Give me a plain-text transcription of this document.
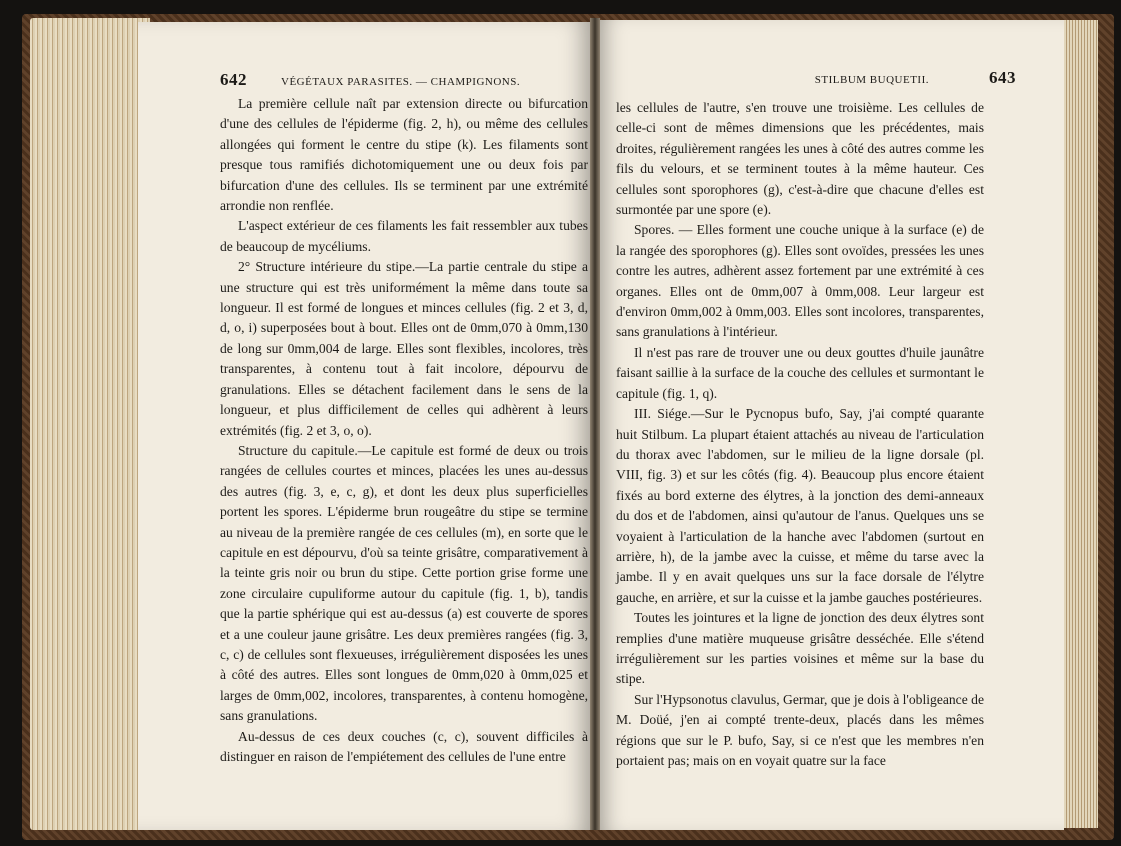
642	VÉGÉTAUX PARASITES. — CHAMPIGNONS.

La première cellule naît par extension directe ou bifurcation d'une des cellules de l'épiderme (fig. 2, h), ou même des cellules allongées qui forment le centre du stipe (k). Les filaments sont presque tous ramifiés dichotomiquement une ou deux fois par bifurcation d'une des cellules. Ils se terminent par une extrémité arrondie non renflée.

L'aspect extérieur de ces filaments les fait ressembler aux tubes de beaucoup de mycéliums.

2° Structure intérieure du stipe.—La partie centrale du stipe a une structure qui est très uniformément la même dans toute sa longueur. Il est formé de longues et minces cellules (fig. 2 et 3, d, d, o, i) superposées bout à bout. Elles ont de 0mm,070 à 0mm,130 de long sur 0mm,004 de large. Elles sont flexibles, incolores, très transparentes, à contenu tout à fait incolore, dépourvu de granulations. Elles se détachent facilement dans le sens de la longueur, et plus difficilement de celles qui adhèrent à leurs extrémités (fig. 2 et 3, o, o).

Structure du capitule.—Le capitule est formé de deux ou trois rangées de cellules courtes et minces, placées les unes au-dessus des autres (fig. 3, e, c, g), et dont les deux plus superficielles portent les spores. L'épiderme brun rougeâtre du stipe se termine au niveau de la première rangée de ces cellules (m), en sorte que le capitule en est dépourvu, d'où sa teinte grisâtre, comparativement à la teinte gris noir ou brun du stipe. Cette portion grise forme une zone circulaire cupuliforme autour du capitule (fig. 1, b), tandis que la partie sphérique qui est au-dessus (a) est couverte de spores et a une couleur jaune grisâtre. Les deux premières rangées (fig. 3, c, c) de cellules sont flexueuses, irrégulièrement disposées les unes à côté des autres. Elles sont longues de 0mm,020 à 0mm,025 et larges de 0mm,002, incolores, transparentes, à contenu homogène, sans granulations.

Au-dessus de ces deux couches (c, c), souvent difficiles à distinguer en raison de l'empiétement des cellules de l'une entre

STILBUM BUQUETII.	643

les cellules de l'autre, s'en trouve une troisième. Les cellules de celle-ci sont de mêmes dimensions que les précédentes, mais droites, régulièrement rangées les unes à côté des autres comme les fils du velours, et se terminent toutes à la même hauteur. Ces cellules sont sporophores (g), c'est-à-dire que chacune d'elles est surmontée par une spore (e).

Spores. — Elles forment une couche unique à la surface (e) de la rangée des sporophores (g). Elles sont ovoïdes, pressées les unes contre les autres, adhèrent assez fortement par une extrémité à ces organes. Elles ont de 0mm,007 à 0mm,008. Leur largeur est d'environ 0mm,002 à 0mm,003. Elles sont incolores, transparentes, sans granulations à l'intérieur.

Il n'est pas rare de trouver une ou deux gouttes d'huile jaunâtre faisant saillie à la surface de la couche des cellules et surmontant le capitule (fig. 1, q).

III. Siége.—Sur le Pycnopus bufo, Say, j'ai compté quarante huit Stilbum. La plupart étaient attachés au niveau de l'articulation du thorax avec l'abdomen, sur le milieu de la ligne dorsale (pl. VIII, fig. 3) et sur les côtés (fig. 4). Beaucoup plus encore étaient fixés au bord externe des élytres, à la jonction des demi-anneaux du dos et de l'abdomen, ainsi qu'autour de l'anus. Quelques uns se voyaient à l'articulation de la hanche avec l'abdomen (surtout en arrière, h), de la jambe avec la cuisse, et même du tarse avec la jambe. Il y en avait quelques uns sur la face dorsale de l'élytre gauche, en arrière, et sur la cuisse et la jambe gauches postérieures.

Toutes les jointures et la ligne de jonction des deux élytres sont remplies d'une matière muqueuse grisâtre desséchée. Elle s'étend irrégulièrement sur les parties voisines et même sur la base du stipe.

Sur l'Hypsonotus clavulus, Germar, que je dois à l'obligeance de M. Doüé, j'en ai compté trente-deux, placés dans les mêmes régions que sur le P. bufo, Say, si ce n'est que les membres n'en portaient pas; mais on en voyait quatre sur la face
